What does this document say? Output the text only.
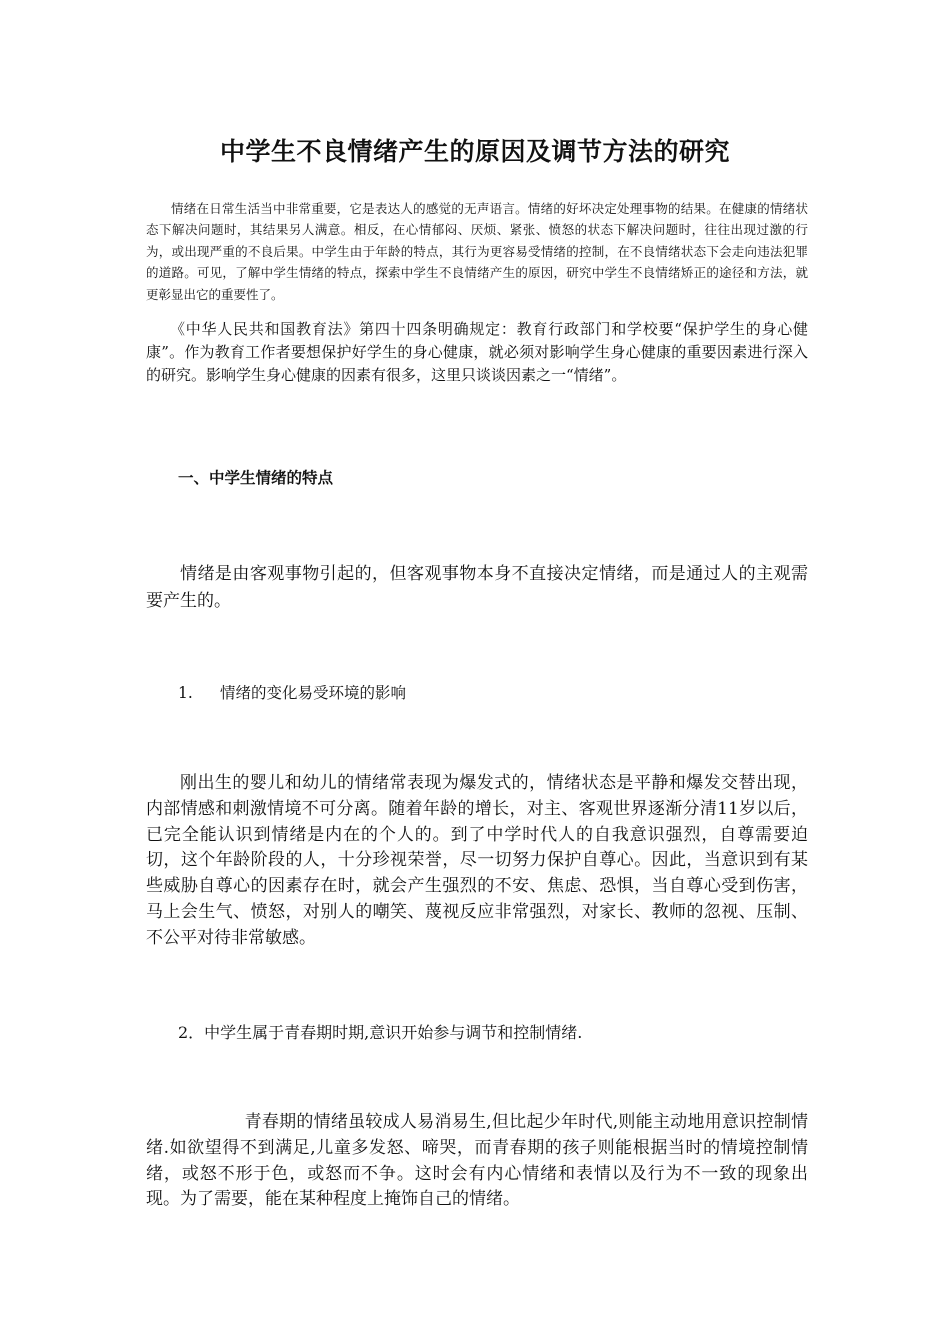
中学生不良情绪产生的原因及调节方法的研究

情绪在日常生活当中非常重要，它是表达人的感觉的无声语言。情绪的好坏决定处理事物的结果。在健康的情绪状态下解决问题时，其结果另人满意。相反，在心情郁闷、厌烦、紧张、愤怒的状态下解决问题时，往往出现过激的行为，或出现严重的不良后果。中学生由于年龄的特点，其行为更容易受情绪的控制，在不良情绪状态下会走向违法犯罪的道路。可见，了解中学生情绪的特点，探索中学生不良情绪产生的原因，研究中学生不良情绪矫正的途径和方法，就更彰显出它的重要性了。

《中华人民共和国教育法》第四十四条明确规定：教育行政部门和学校要“保护学生的身心健康”。作为教育工作者要想保护好学生的身心健康，就必须对影响学生身心健康的重要因素进行深入的研究。影响学生身心健康的因素有很多，这里只谈谈因素之一“情绪”。

一、中学生情绪的特点

情绪是由客观事物引起的，但客观事物本身不直接决定情绪，而是通过人的主观需要产生的。

1. 情绪的变化易受环境的影响

刚出生的婴儿和幼儿的情绪常表现为爆发式的，情绪状态是平静和爆发交替出现，内部情感和刺激情境不可分离。随着年龄的增长，对主、客观世界逐渐分清11岁以后，已完全能认识到情绪是内在的个人的。到了中学时代人的自我意识强烈，自尊需要迫切，这个年龄阶段的人，十分珍视荣誉，尽一切努力保护自尊心。因此，当意识到有某些威胁自尊心的因素存在时，就会产生强烈的不安、焦虑、恐惧，当自尊心受到伤害，马上会生气、愤怒，对别人的嘲笑、蔑视反应非常强烈，对家长、教师的忽视、压制、不公平对待非常敏感。

2．中学生属于青春期时期,意识开始参与调节和控制情绪.

青春期的情绪虽较成人易消易生,但比起少年时代,则能主动地用意识控制情绪.如欲望得不到满足,儿童多发怒、啼哭，而青春期的孩子则能根据当时的情境控制情绪，或怒不形于色，或怒而不争。这时会有内心情绪和表情以及行为不一致的现象出现。为了需要，能在某种程度上掩饰自己的情绪。
